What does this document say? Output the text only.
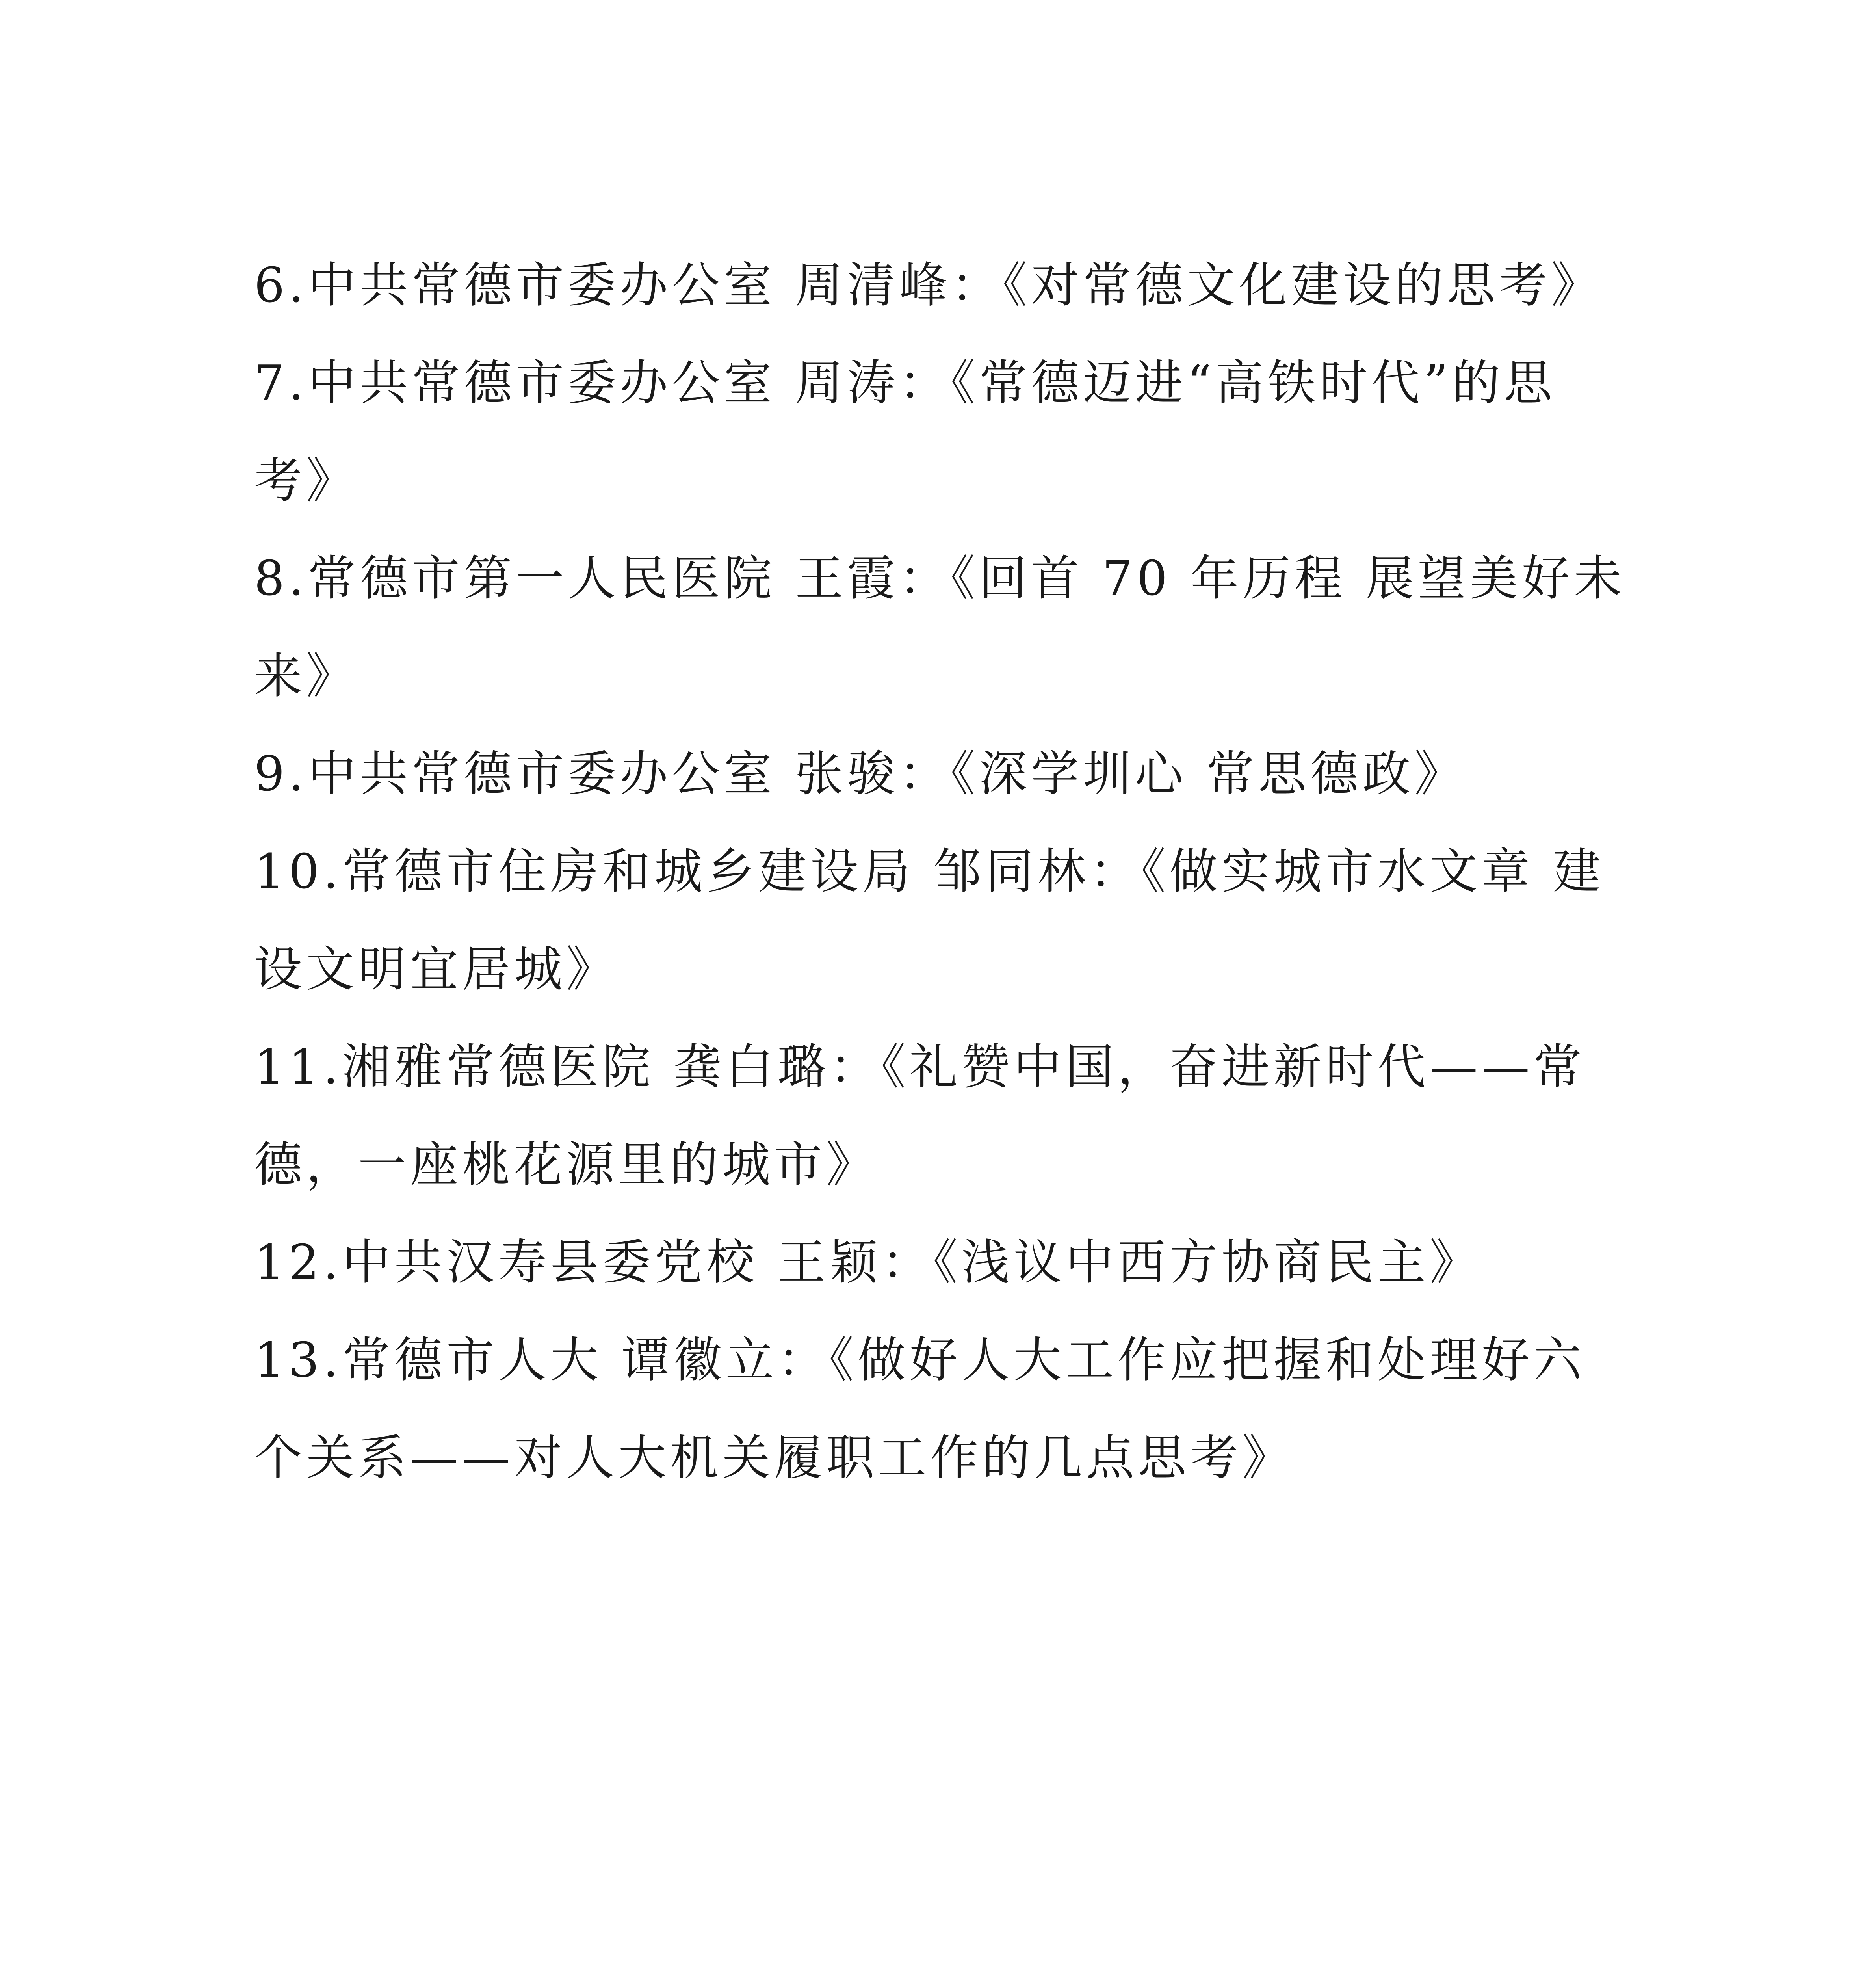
6.中共常德市委办公室 周清峰：《对常德文化建设的思考》

7.中共常德市委办公室 周涛：《常德迈进“高铁时代”的思考》

8.常德市第一人民医院 王霞：《回首 70 年历程 展望美好未来》

9.中共常德市委办公室 张骏：《深学圳心 常思德政》

10.常德市住房和城乡建设局 邹同林：《做实城市水文章 建设文明宜居城》

11.湘雅常德医院 龚白璐：《礼赞中国，奋进新时代——常德，一座桃花源里的城市》

12.中共汉寿县委党校 王颖：《浅议中西方协商民主》

13.常德市人大 谭徽立：《做好人大工作应把握和处理好六个关系——对人大机关履职工作的几点思考》
